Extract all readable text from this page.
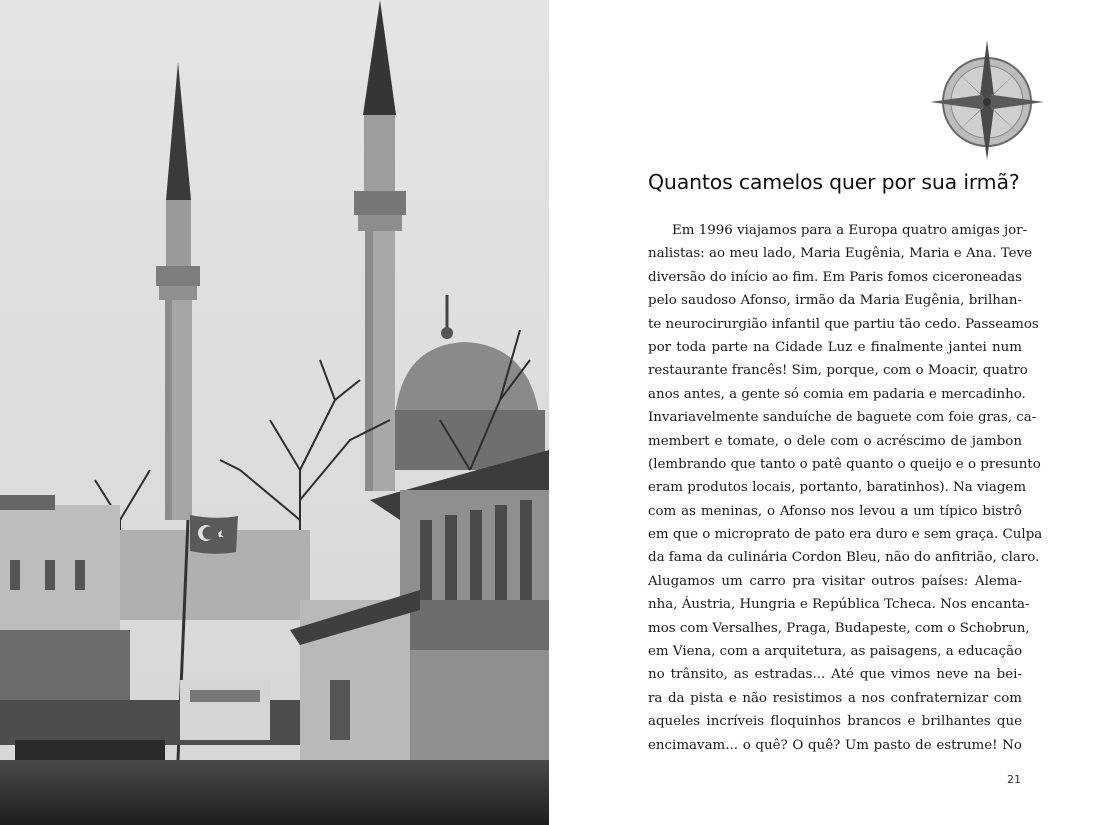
Quantos camelos quer por sua irmã?
Em 1996 viajamos para a Europa quatro amigas jor-
nalistas: ao meu lado, Maria Eugênia, Maria e Ana. Teve
diversão do início ao fim. Em Paris fomos ciceroneadas
pelo saudoso Afonso, irmão da Maria Eugênia, brilhan-
te neurocirurgião infantil que partiu tão cedo. Passeamos
por toda parte na Cidade Luz e finalmente jantei num
restaurante francês! Sim, porque, com o Moacir, quatro
anos antes, a gente só comia em padaria e mercadinho.
Invariavelmente sanduíche de baguete com foie gras, ca-
membert e tomate, o dele com o acréscimo de jambon
(lembrando que tanto o patê quanto o queijo e o presunto
eram produtos locais, portanto, baratinhos). Na viagem
com as meninas, o Afonso nos levou a um típico bistrô
em que o microprato de pato era duro e sem graça. Culpa
da fama da culinária Cordon Bleu, não do anfitrião, claro.
Alugamos um carro pra visitar outros países: Alema-
nha, Áustria, Hungria e República Tcheca. Nos encanta-
mos com Versalhes, Praga, Budapeste, com o Schobrun,
em Viena, com a arquitetura, as paisagens, a educação
no trânsito, as estradas... Até que vimos neve na bei-
ra da pista e não resistimos a nos confraternizar com
aqueles incríveis floquinhos brancos e brilhantes que
encimavam... o quê? O quê? Um pasto de estrume! No
21
